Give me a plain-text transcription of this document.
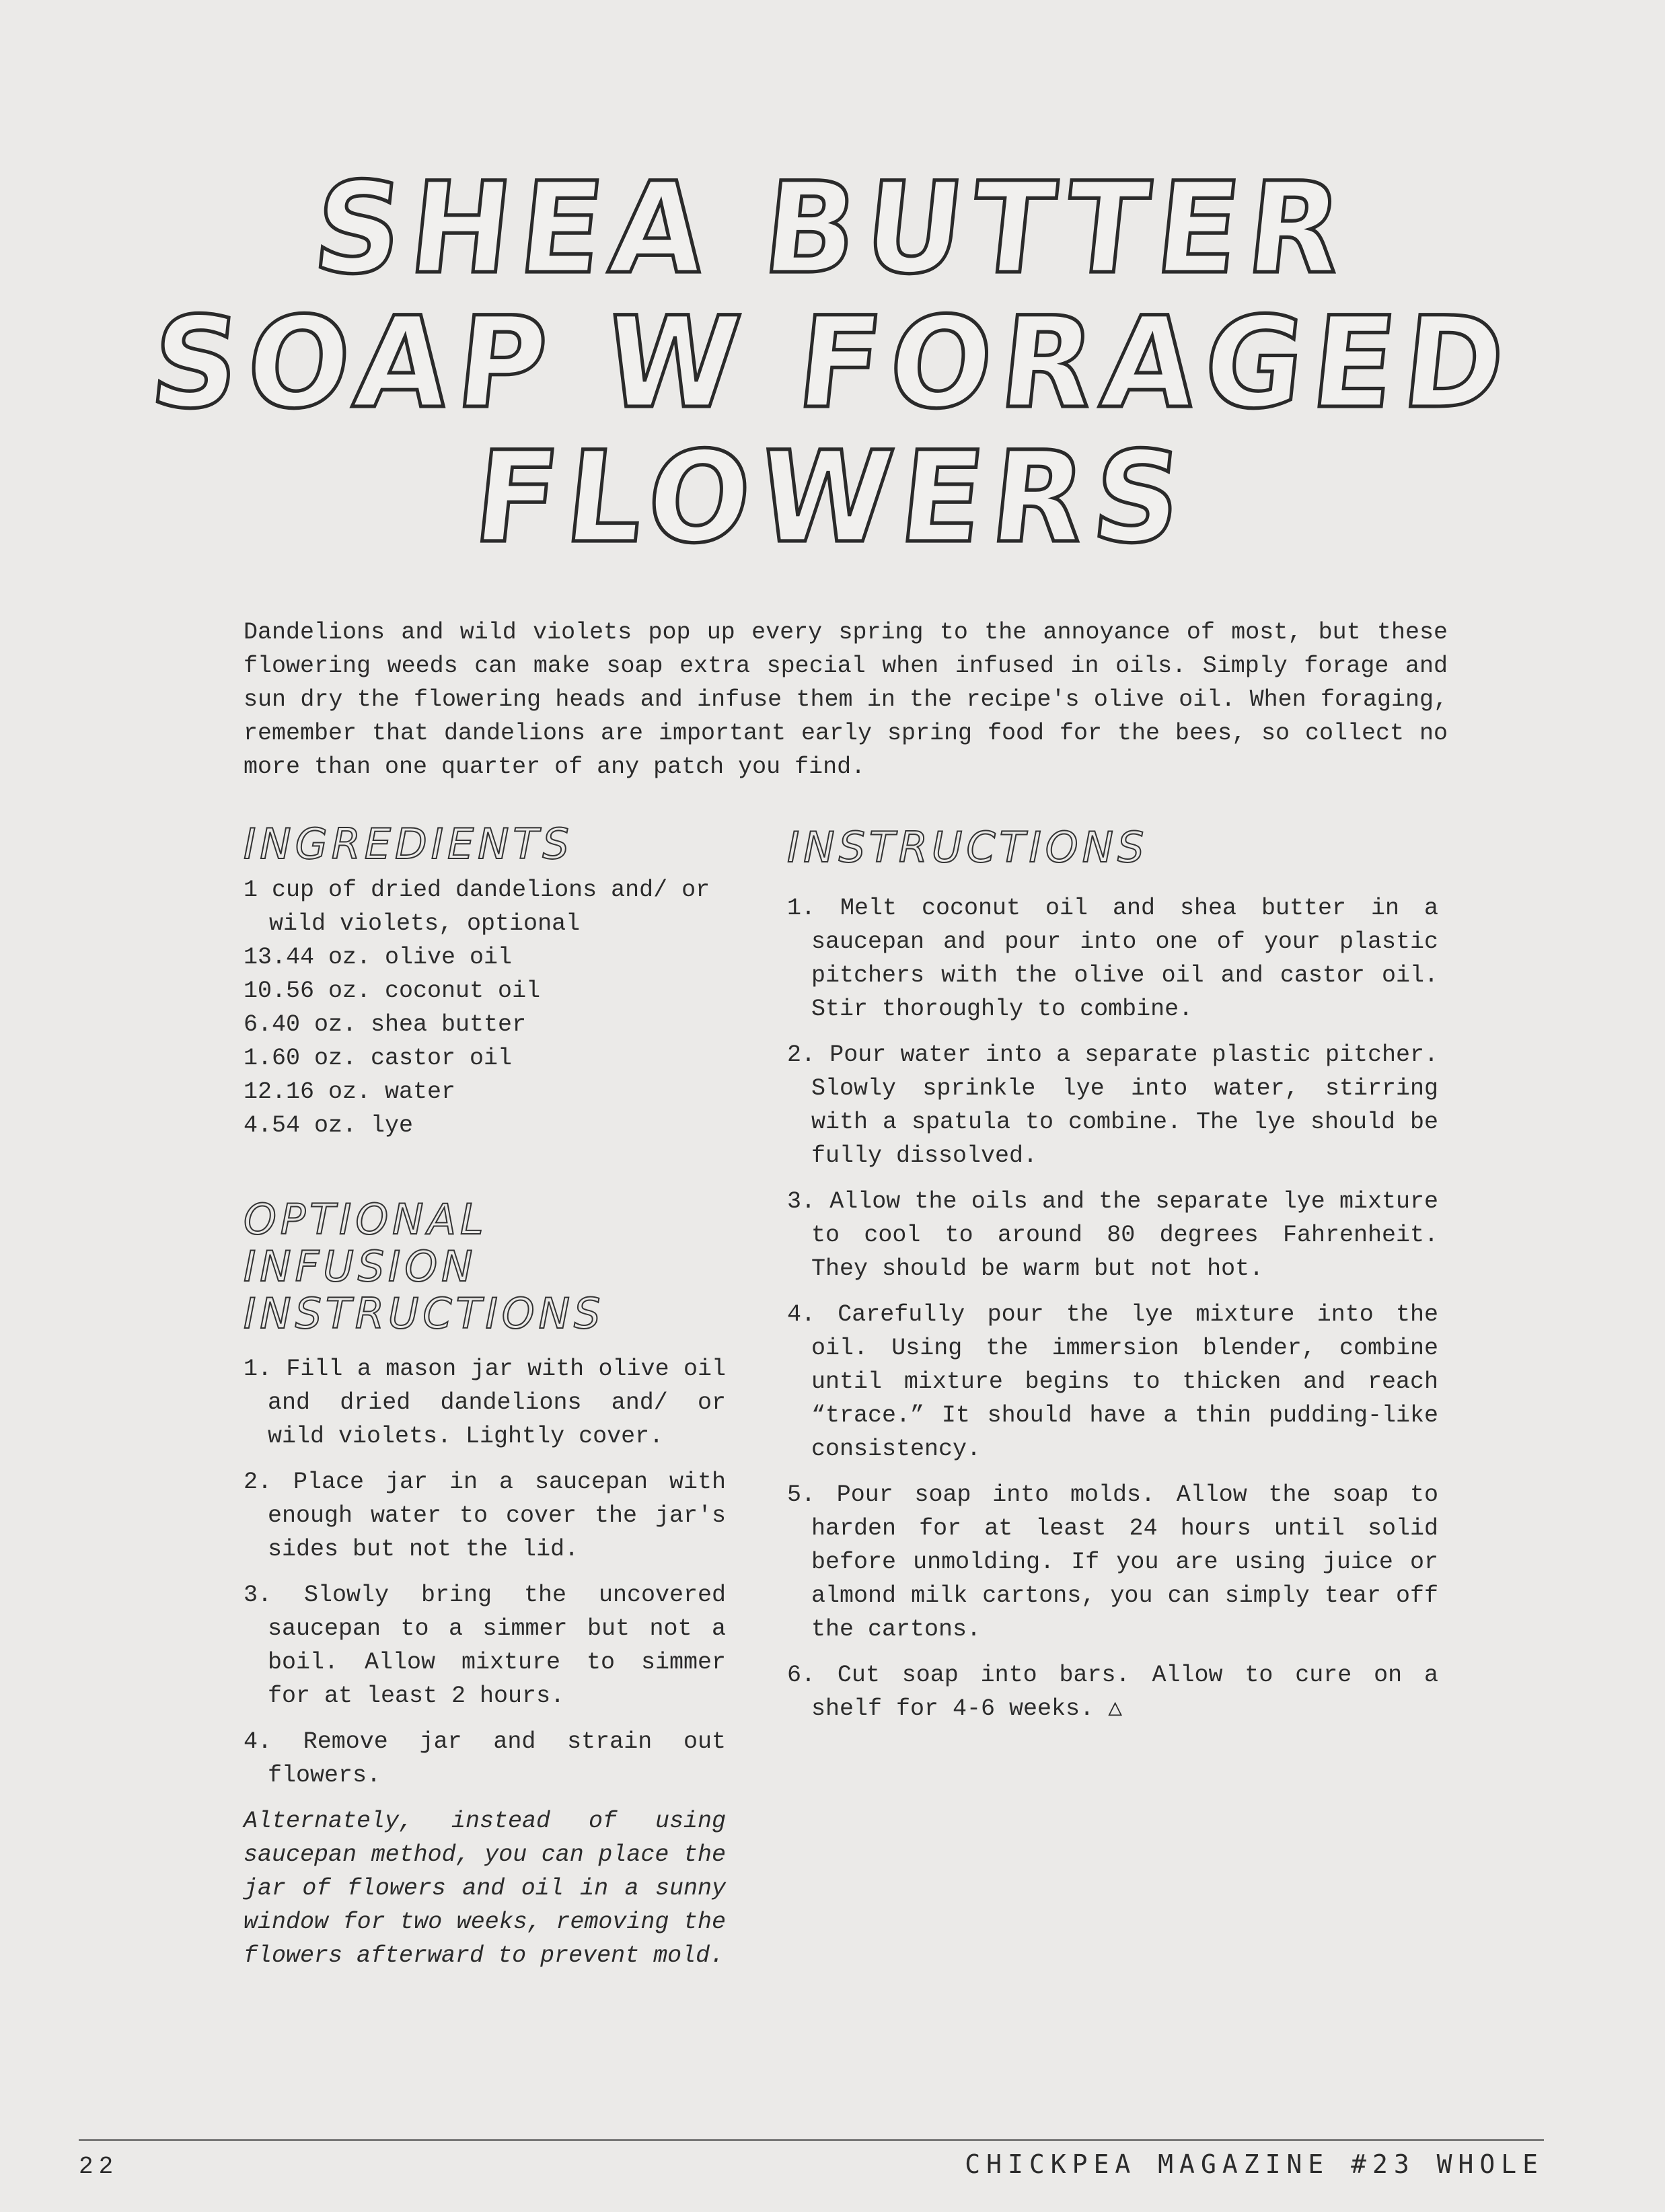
SHEA BUTTER
SOAP W FORAGED
FLOWERS

Dandelions and wild violets pop up every spring to the annoyance of most, but these flowering weeds can make soap extra special when infused in oils. Simply forage and sun dry the flowering heads and infuse them in the recipe's olive oil. When foraging, remember that dandelions are important early spring food for the bees, so collect no more than one quarter of any patch you find.

INGREDIENTS
1 cup of dried dandelions and/ or wild violets, optional
13.44 oz. olive oil
10.56 oz. coconut oil
6.40 oz. shea butter
1.60 oz. castor oil
12.16 oz. water
4.54 oz. lye
OPTIONAL INFUSION
INSTRUCTIONS
1. Fill a mason jar with olive oil and dried dandelions and/ or wild violets. Lightly cover.
2. Place jar in a saucepan with enough water to cover the jar's sides but not the lid.
3. Slowly bring the uncovered saucepan to a simmer but not a boil. Allow mixture to simmer for at least 2 hours.
4. Remove jar and strain out flowers.

Alternately, instead of using saucepan method, you can place the jar of flowers and oil in a sunny window for two weeks, removing the flowers afterward to prevent mold.

INSTRUCTIONS
1. Melt coconut oil and shea butter in a saucepan and pour into one of your plastic pitchers with the olive oil and castor oil. Stir thoroughly to combine.
2. Pour water into a separate plastic pitcher. Slowly sprinkle lye into water, stirring with a spatula to combine. The lye should be fully dissolved.
3. Allow the oils and the separate lye mixture to cool to around 80 degrees Fahrenheit. They should be warm but not hot.
4. Carefully pour the lye mixture into the oil. Using the immersion blender, combine until mixture begins to thicken and reach “trace.” It should have a thin pudding-like consistency.
5. Pour soap into molds. Allow the soap to harden for at least 24 hours until solid before unmolding. If you are using juice or almond milk cartons, you can simply tear off the cartons.
6. Cut soap into bars. Allow to cure on a shelf for 4-6 weeks. △
22	CHICKPEA MAGAZINE #23 WHOLE
